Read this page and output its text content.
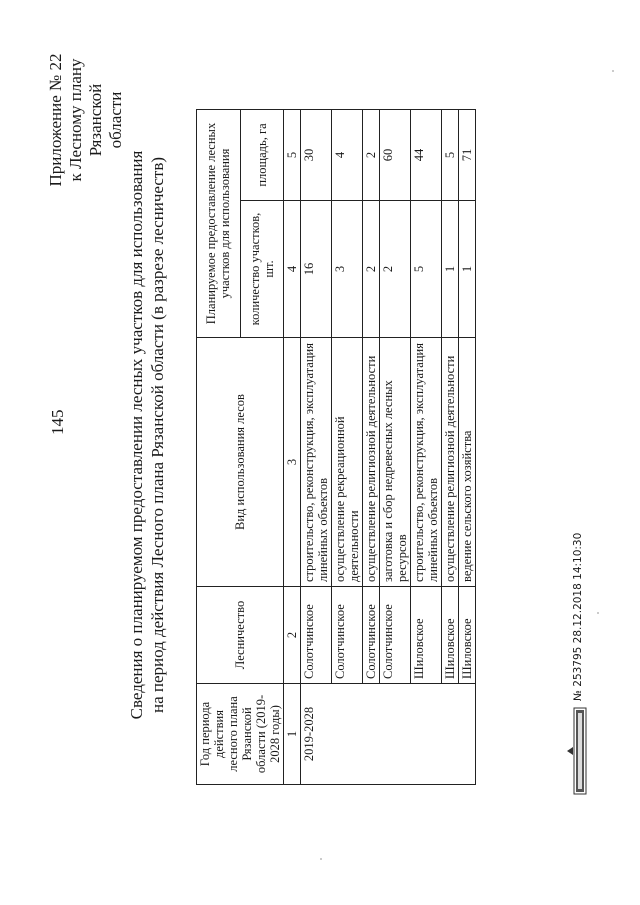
145
Приложение № 22 к Лесному плану Рязанской области
Сведения о планируемом предоставлении лесных участков для использования на период действия Лесного плана Рязанской области (в разрезе лесничеств)
Год периода действия лесного плана Рязанской области (2019-2028 годы)	Лесничество	Вид использования лесов	Планируемое предоставление лесных участков для использования	
			количество участков, шт.	площадь, га
1	2	3	4	5
2019-2028	Солотчинское	строительство, реконструкция, эксплуатация линейных объектов	16	30
	Солотчинское	осуществление рекреационной деятельности	3	4
	Солотчинское	осуществление религиозной деятельности	2	2
	Солотчинское	заготовка и сбор недревесных лесных ресурсов	2	60
	Шиловское	строительство, реконструкция, эксплуатация линейных объектов	5	44
	Шиловское	осуществление религиозной деятельности	1	5
	Шиловское	ведение сельского хозяйства	1	71
№ 253795 28.12.2018 14:10:30
